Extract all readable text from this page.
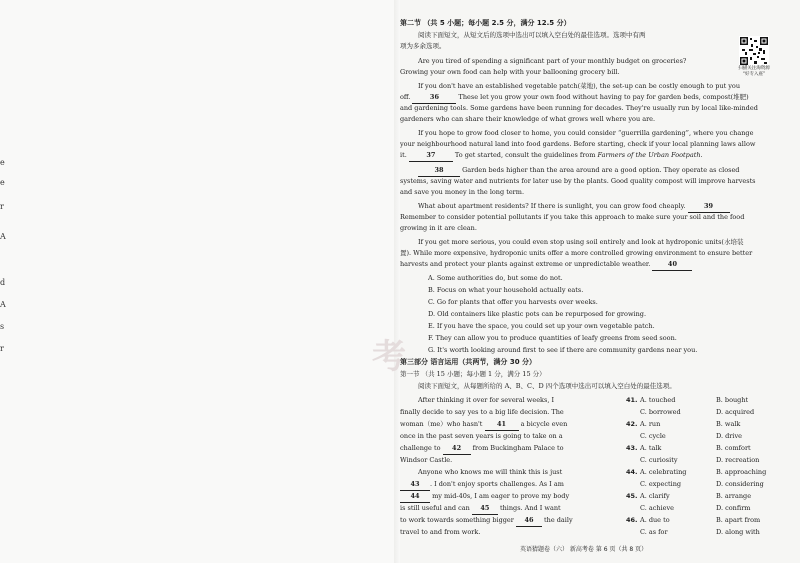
e
e
r
A
d
A
s
r	考
第二节 （共 5 小题；每小题 2.5 分，满分 12.5 分）
阅读下面短文，从短文后的选项中选出可以填入空白处的最佳选项。选项中有两
项为多余选项。
扫描关注淘资源
“好专入座”
Are you tired of spending a significant part of your monthly budget on groceries?
Growing your own food can help with your ballooning grocery bill.
If you don't have an established vegetable patch(菜地), the set-up can be costly enough to put you
off.	36	These let you grow your own food without having to pay for garden beds, compost(堆肥)
and gardening tools. Some gardens have been running for decades. They're usually run by local like-minded
gardeners who can share their knowledge of what grows well where you are.
If you hope to grow food closer to home, you could consider “guerrilla gardening”, where you change
your neighbourhood natural land into food gardens. Before starting, check if your local planning laws allow
it.	37	To get started, consult the guidelines from Farmers of the Urban Footpath.
38	Garden beds higher than the area around are a good option. They operate as closed
systems, saving water and nutrients for later use by the plants. Good quality compost will improve harvests
and save you money in the long term.
What about apartment residents? If there is sunlight, you can grow food cheaply.	39
Remember to consider potential pollutants if you take this approach to make sure your soil and the food
growing in it are clean.
If you get more serious, you could even stop using soil entirely and look at hydroponic units(水培装
置). While more expensive, hydroponic units offer a more controlled growing environment to ensure better
harvests and protect your plants against extreme or unpredictable weather.	40
A. Some authorities do, but some do not.
B. Focus on what your household actually eats.
C. Go for plants that offer you harvests over weeks.
D. Old containers like plastic pots can be repurposed for growing.
E. If you have the space, you could set up your own vegetable patch.
F. They can allow you to produce quantities of leafy greens from seed soon.
G. It's worth looking around first to see if there are community gardens near you.
第三部分 语言运用（共两节，满分 30 分）
第一节 （共 15 小题；每小题 1 分，满分 15 分）
阅读下面短文，从每题所给的 A、B、C、D 四个选项中选出可以填入空白处的最佳选项。
After thinking it over for several weeks, I
finally decide to say yes to a big life decision. The
woman（me）who hasn't 41 a bicycle even
once in the past seven years is going to take on a
challenge to 42 from Buckingham Palace to
Windsor Castle.
Anyone who knows me will think this is just
43 . I don't enjoy sports challenges. As I am
44 my mid-40s, I am eager to prove my body
is still useful and can 45 things. And I want
to work towards something bigger 46 the daily
travel to and from work.
41. A. touched	B. bought
C. borrowed	D. acquired
42. A. run	B. walk
C. cycle	D. drive
43. A. talk	B. comfort
C. curiosity	D. recreation
44. A. celebrating	B. approaching
C. expecting	D. considering
45. A. clarify	B. arrange
C. achieve	D. confirm
46. A. due to	B. apart from
C. as for	D. along with
英语猜题卷（六） 新高考卷 第 6 页（共 8 页）
